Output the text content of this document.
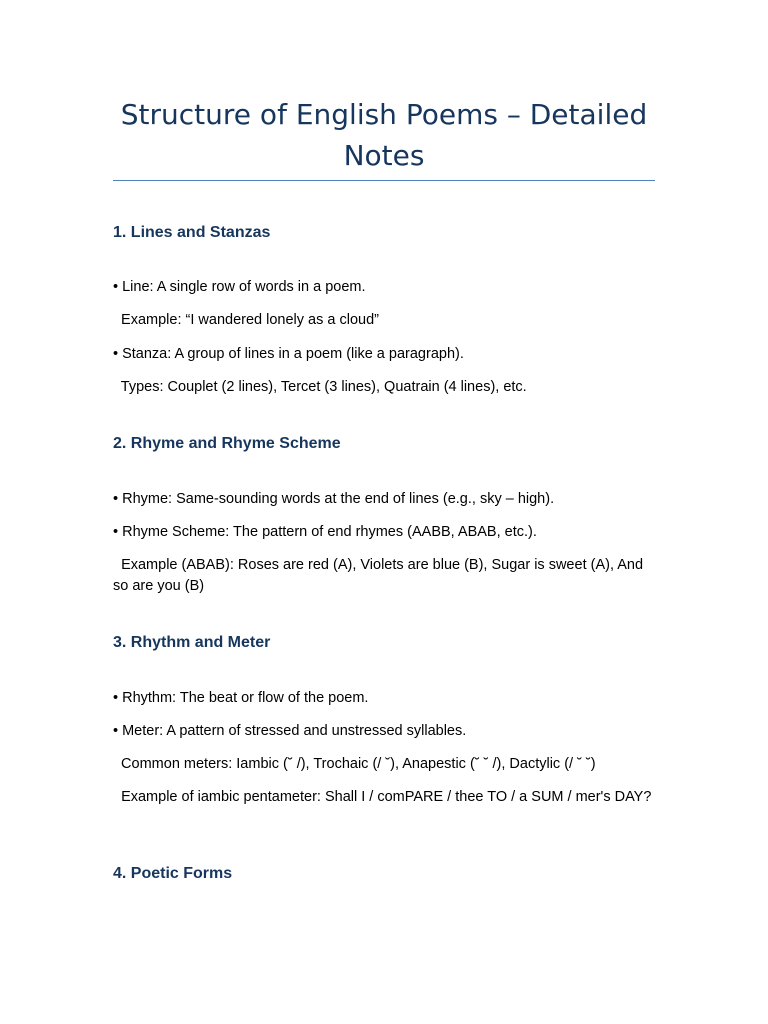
Structure of English Poems – Detailed Notes
1. Lines and Stanzas

• Line: A single row of words in a poem.

Example: “I wandered lonely as a cloud”

• Stanza: A group of lines in a poem (like a paragraph).

Types: Couplet (2 lines), Tercet (3 lines), Quatrain (4 lines), etc.

2. Rhyme and Rhyme Scheme

• Rhyme: Same-sounding words at the end of lines (e.g., sky – high).

• Rhyme Scheme: The pattern of end rhymes (AABB, ABAB, etc.).

Example (ABAB): Roses are red (A), Violets are blue (B), Sugar is sweet (A), And so are you (B)

3. Rhythm and Meter

• Rhythm: The beat or flow of the poem.

• Meter: A pattern of stressed and unstressed syllables.

Common meters: Iambic (˘ /), Trochaic (/ ˘), Anapestic (˘ ˘ /), Dactylic (/ ˘ ˘)

Example of iambic pentameter: Shall I / comPARE / thee TO / a SUM / mer's DAY?

4. Poetic Forms
